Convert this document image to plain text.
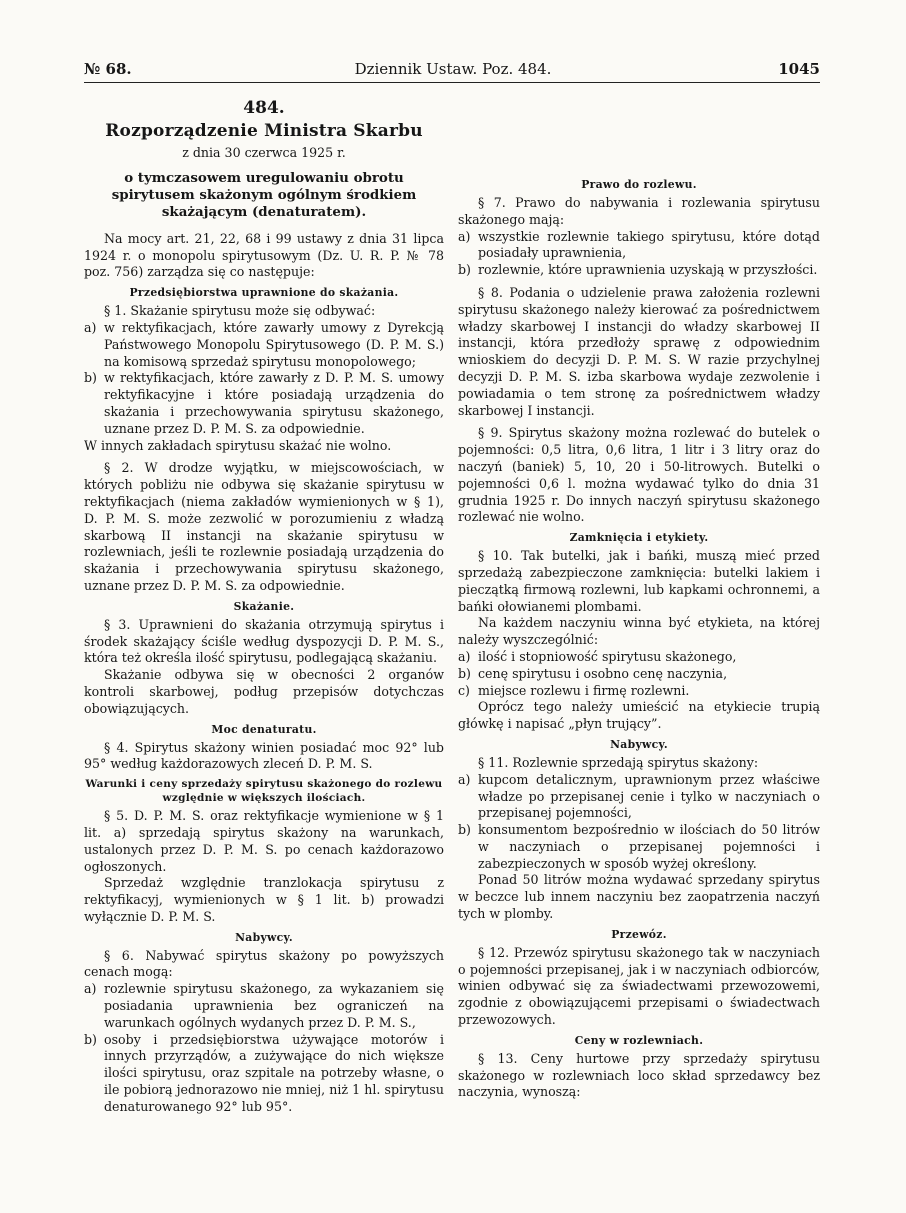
№ 68.	Dziennik Ustaw. Poz. 484.	1045

484.

Rozporządzenie Ministra Skarbu

z dnia 30 czerwca 1925 r.

o tymczasowem uregulowaniu obrotu spirytusem skażonym ogólnym środkiem skażającym (denaturatem).

Na mocy art. 21, 22, 68 i 99 ustawy z dnia 31 lipca 1924 r. o monopolu spirytusowym (Dz. U. R. P. № 78 poz. 756) zarządza się co następuje:

Przedsiębiorstwa uprawnione do skażania.

§ 1. Skażanie spirytusu może się odbywać:

a) w rektyfikacjach, które zawarły umowy z Dyrekcją Państwowego Monopolu Spirytusowego (D. P. M. S.) na komisową sprzedaż spirytusu monopolowego;
b) w rektyfikacjach, które zawarły z D. P. M. S. umowy rektyfikacyjne i które posiadają urządzenia do skażania i przechowywania spirytusu skażonego, uznane przez D. P. M. S. za odpowiednie.

W innych zakładach spirytusu skażać nie wolno.

§ 2. W drodze wyjątku, w miejscowościach, w których pobliżu nie odbywa się skażanie spirytusu w rektyfikacjach (niema zakładów wymienionych w § 1), D. P. M. S. może zezwolić w porozumieniu z władzą skarbową II instancji na skażanie spirytusu w rozlewniach, jeśli te rozlewnie posiadają urządzenia do skażania i przechowywania spirytusu skażonego, uznane przez D. P. M. S. za odpowiednie.

Skażanie.

§ 3. Uprawnieni do skażania otrzymują spirytus i środek skażający ściśle według dyspozycji D. P. M. S., która też określa ilość spirytusu, podlegającą skażaniu.

Skażanie odbywa się w obecności 2 organów kontroli skarbowej, podług przepisów dotychczas obowiązujących.

Moc denaturatu.

§ 4. Spirytus skażony winien posiadać moc 92° lub 95° według każdorazowych zleceń D. P. M. S.

Warunki i ceny sprzedaży spirytusu skażonego do rozlewu względnie w większych ilościach.

§ 5. D. P. M. S. oraz rektyfikacje wymienione w § 1 lit. a) sprzedają spirytus skażony na warunkach, ustalonych przez D. P. M. S. po cenach każdorazowo ogłoszonych.

Sprzedaż względnie tranzlokacja spirytusu z rektyfikacyj, wymienionych w § 1 lit. b) prowadzi wyłącznie D. P. M. S.

Nabywcy.

§ 6. Nabywać spirytus skażony po powyższych cenach mogą:

a) rozlewnie spirytusu skażonego, za wykazaniem się posiadania uprawnienia bez ograniczeń na warunkach ogólnych wydanych przez D. P. M. S.,
b) osoby i przedsiębiorstwa używające motorów i innych przyrządów, a zużywające do nich większe ilości spirytusu, oraz szpitale na potrzeby własne, o ile pobiorą jednorazowo nie mniej, niż 1 hl. spirytusu denaturowanego 92° lub 95°.

Prawo do rozlewu.

§ 7. Prawo do nabywania i rozlewania spirytusu skażonego mają:

a) wszystkie rozlewnie takiego spirytusu, które dotąd posiadały uprawnienia,
b) rozlewnie, które uprawnienia uzyskają w przyszłości.

§ 8. Podania o udzielenie prawa założenia rozlewni spirytusu skażonego należy kierować za pośrednictwem władzy skarbowej I instancji do władzy skarbowej II instancji, która przedłoży sprawę z odpowiednim wnioskiem do decyzji D. P. M. S. W razie przychylnej decyzji D. P. M. S. izba skarbowa wydaje zezwolenie i powiadamia o tem stronę za pośrednictwem władzy skarbowej I instancji.

§ 9. Spirytus skażony można rozlewać do butelek o pojemności: 0,5 litra, 0,6 litra, 1 litr i 3 litry oraz do naczyń (baniek) 5, 10, 20 i 50-litrowych. Butelki o pojemności 0,6 l. można wydawać tylko do dnia 31 grudnia 1925 r. Do innych naczyń spirytusu skażonego rozlewać nie wolno.

Zamknięcia i etykiety.

§ 10. Tak butelki, jak i bańki, muszą mieć przed sprzedażą zabezpieczone zamknięcia: butelki lakiem i pieczątką firmową rozlewni, lub kapkami ochronnemi, a bańki ołowianemi plombami.

Na każdem naczyniu winna być etykieta, na której należy wyszczególnić:

a) ilość i stopniowość spirytusu skażonego,
b) cenę spirytusu i osobno cenę naczynia,
c) miejsce rozlewu i firmę rozlewni.

Oprócz tego należy umieścić na etykiecie trupią główkę i napisać „płyn trujący”.

Nabywcy.

§ 11. Rozlewnie sprzedają spirytus skażony:

a) kupcom detalicznym, uprawnionym przez właściwe władze po przepisanej cenie i tylko w naczyniach o przepisanej pojemności,
b) konsumentom bezpośrednio w ilościach do 50 litrów w naczyniach o przepisanej pojemności i zabezpieczonych w sposób wyżej określony.

Ponad 50 litrów można wydawać sprzedany spirytus w beczce lub innem naczyniu bez zaopatrzenia naczyń tych w plomby.

Przewóz.

§ 12. Przewóz spirytusu skażonego tak w naczyniach o pojemności przepisanej, jak i w naczyniach odbiorców, winien odbywać się za świadectwami przewozowemi, zgodnie z obowiązującemi przepisami o świadectwach przewozowych.

Ceny w rozlewniach.

§ 13. Ceny hurtowe przy sprzedaży spirytusu skażonego w rozlewniach loco skład sprzedawcy bez naczynia, wynoszą:
